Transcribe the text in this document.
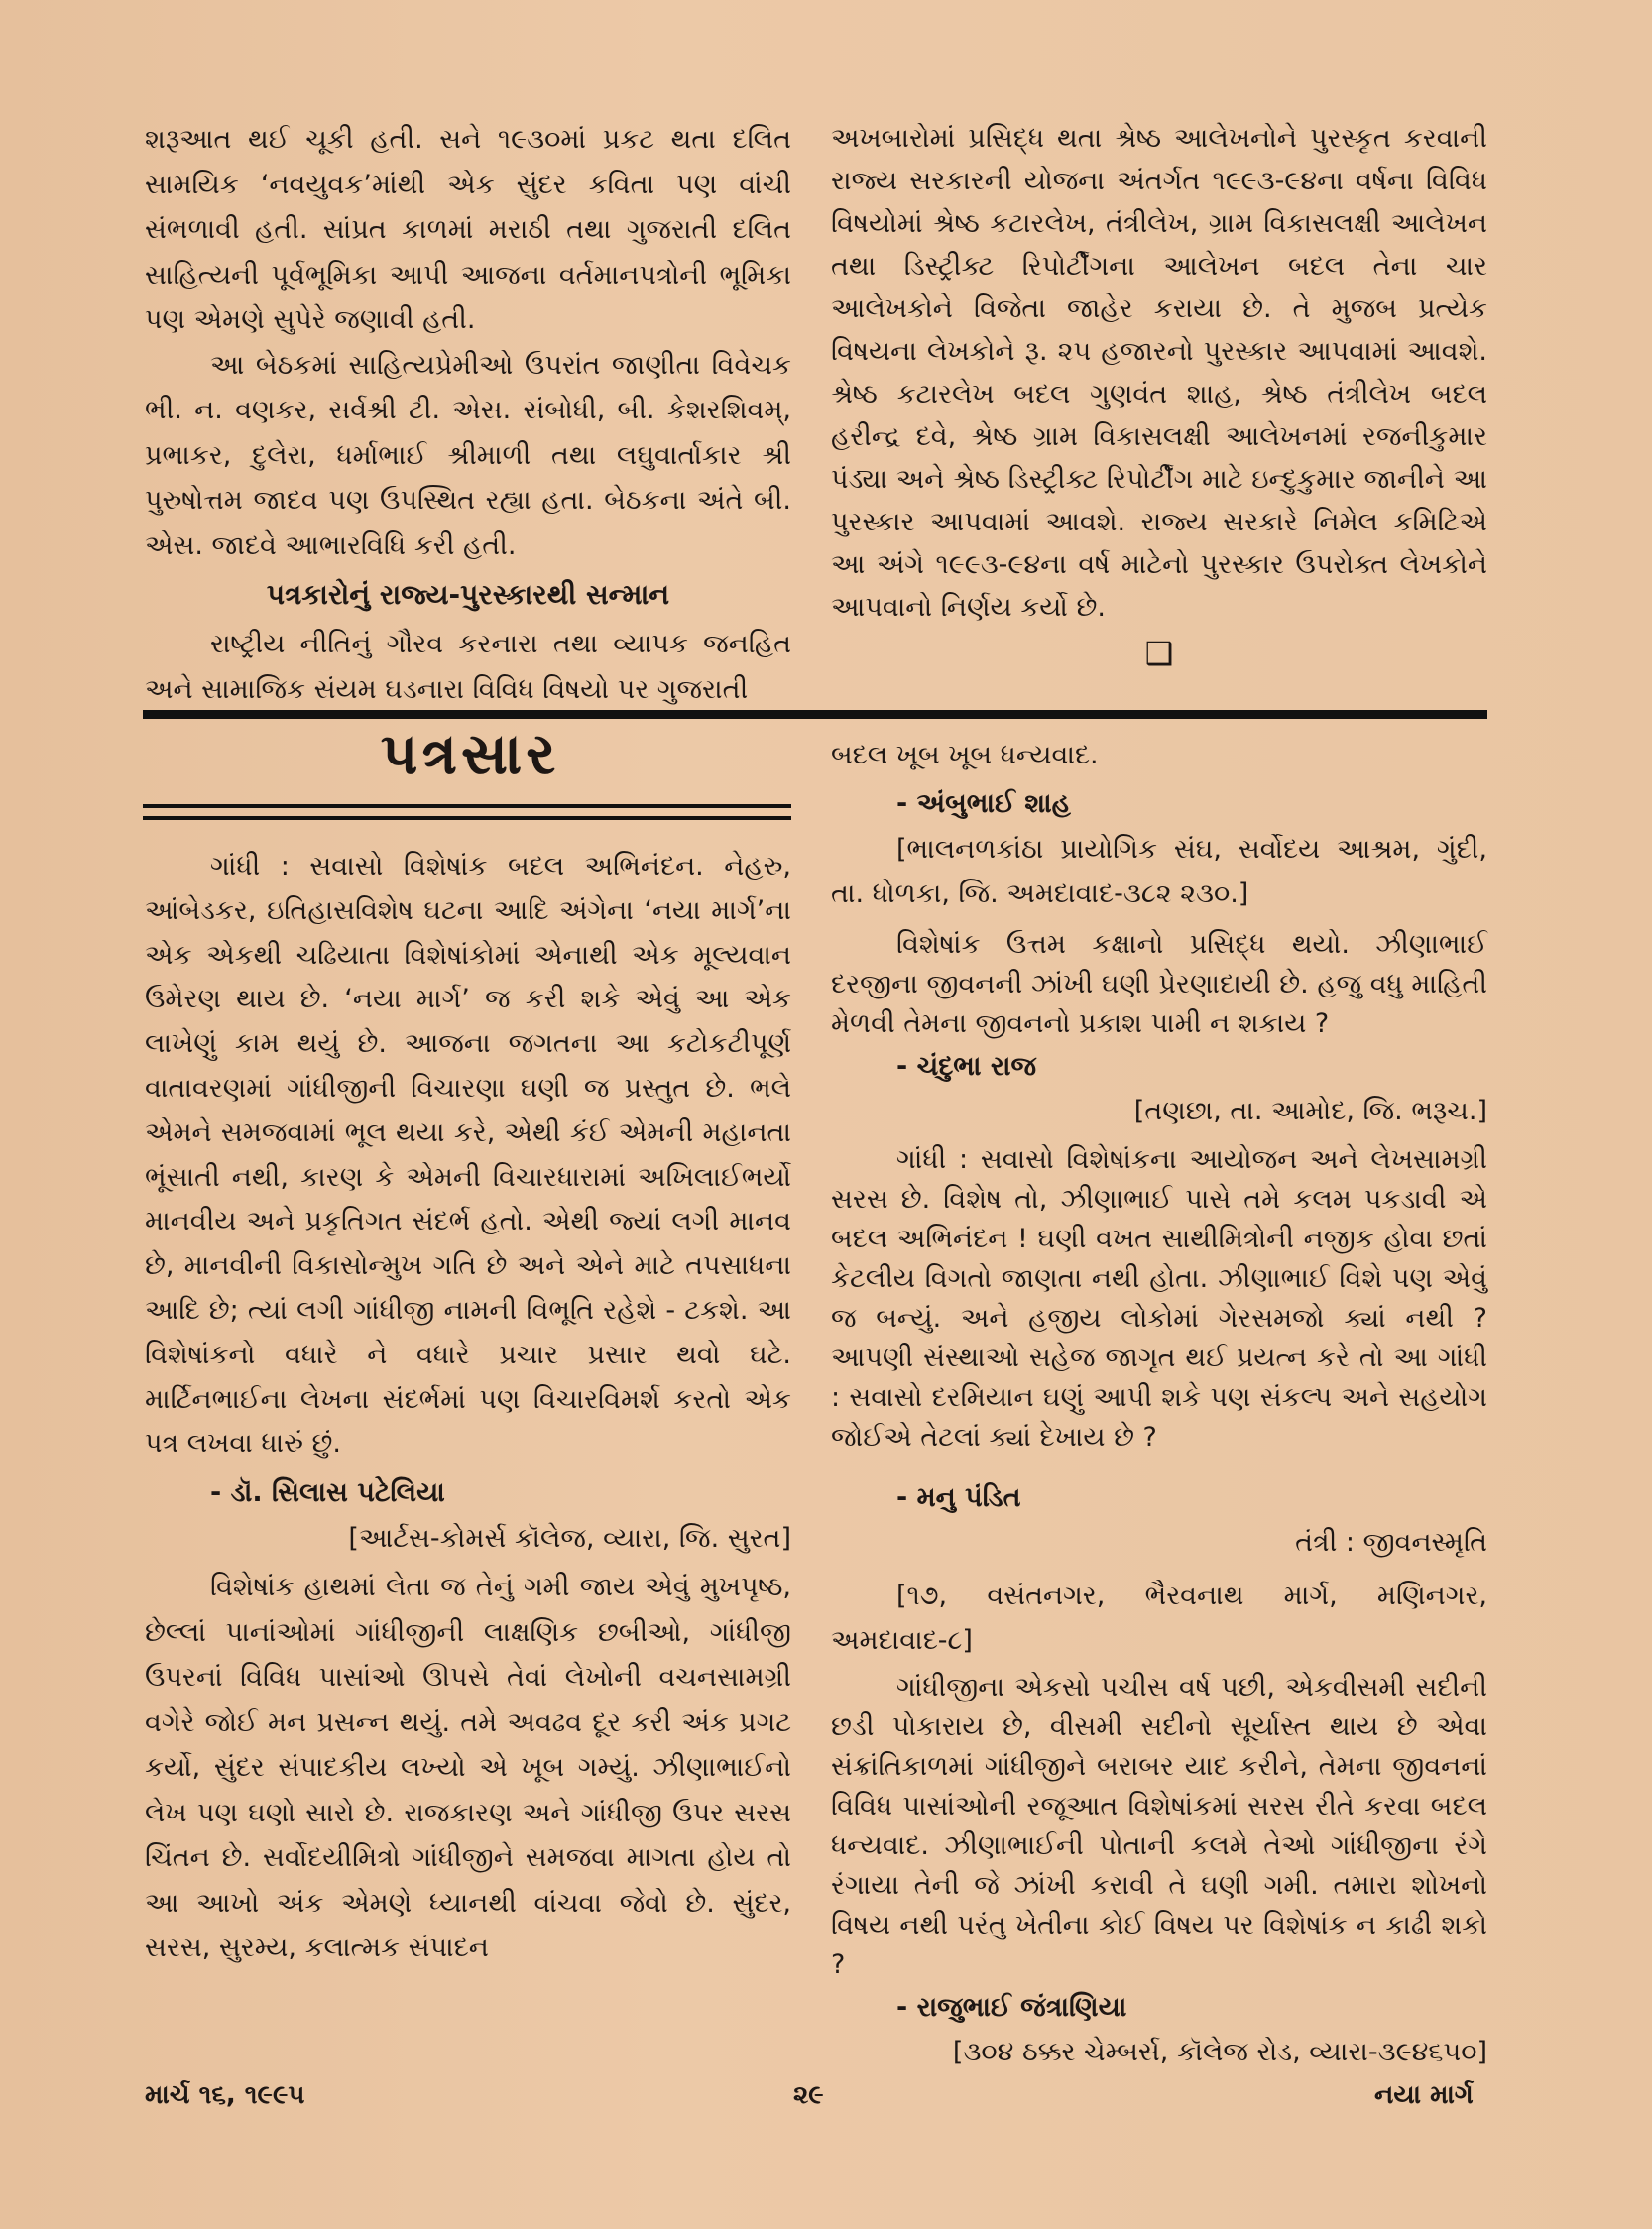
શરૂઆત થઈ ચૂકી હતી. સને ૧૯૩૦માં પ્રકટ થતા દલિત સામયિક ‘નવયુવક’માંથી એક સુંદર કવિતા પણ વાંચી સંભળાવી હતી. સાંપ્રત કાળમાં મરાઠી તથા ગુજરાતી દલિત સાહિત્યની પૂર્વભૂમિકા આપી આજના વર્તમાનપત્રોની ભૂમિકા પણ એમણે સુપેરે જણાવી હતી.

આ બેઠકમાં સાહિત્યપ્રેમીઓ ઉપરાંત જાણીતા વિવેચક ભી. ન. વણકર, સર્વશ્રી ટી. એસ. સંબોધી, બી. કેશરશિવમ્, પ્રભાકર, દુલેરા, ધર્માભાઈ શ્રીમાળી તથા લઘુવાર્તાકાર શ્રી પુરુષોત્તમ જાદવ પણ ઉપસ્થિત રહ્યા હતા. બેઠકના અંતે બી. એસ. જાદવે આભારવિધિ કરી હતી.

પત્રકારોનું રાજ્ય-પુરસ્કારથી સન્માન

રાષ્ટ્રીય નીતિનું ગૌરવ કરનારા તથા વ્યાપક જનહિત અને સામાજિક સંયમ ઘડનારા વિવિધ વિષયો પર ગુજરાતી

અખબારોમાં પ્રસિદ્ધ થતા શ્રેષ્ઠ આલેખનોને પુરસ્કૃત કરવાની રાજ્ય સરકારની યોજના અંતર્ગત ૧૯૯૩-૯૪ના વર્ષના વિવિધ વિષયોમાં શ્રેષ્ઠ કટારલેખ, તંત્રીલેખ, ગ્રામ વિકાસલક્ષી આલેખન તથા ડિસ્ટ્રીક્ટ રિપોર્ટીંગના આલેખન બદલ તેના ચાર આલેખકોને વિજેતા જાહેર કરાયા છે. તે મુજબ પ્રત્યેક વિષયના લેખકોને રૂ. ૨૫ હજારનો પુરસ્કાર આપવામાં આવશે. શ્રેષ્ઠ કટારલેખ બદલ ગુણવંત શાહ, શ્રેષ્ઠ તંત્રીલેખ બદલ હરીન્દ્ર દવે, શ્રેષ્ઠ ગ્રામ વિકાસલક્ષી આલેખનમાં રજનીકુમાર પંડ્યા અને શ્રેષ્ઠ ડિસ્ટ્રીક્ટ રિપોર્ટીંગ માટે ઇન્દુકુમાર જાનીને આ પુરસ્કાર આપવામાં આવશે. રાજ્ય સરકારે નિમેલ કમિટિએ આ અંગે ૧૯૯૩-૯૪ના વર્ષ માટેનો પુરસ્કાર ઉપરોક્ત લેખકોને આપવાનો નિર્ણય કર્યો છે.

❑
પત્રસાર

ગાંધી : સવાસો વિશેષાંક બદલ અભિનંદન. નેહરુ, આંબેડકર, ઇતિહાસવિશેષ ઘટના આદિ અંગેના ‘નયા માર્ગ’ના એક એકથી ચઢિયાતા વિશેષાંકોમાં એનાથી એક મૂલ્યવાન ઉમેરણ થાય છે. ‘નયા માર્ગ’ જ કરી શકે એવું આ એક લાખેણું કામ થયું છે. આજના જગતના આ કટોકટીપૂર્ણ વાતાવરણમાં ગાંધીજીની વિચારણા ઘણી જ પ્રસ્તુત છે. ભલે એમને સમજવામાં ભૂલ થયા કરે, એથી કંઈ એમની મહાનતા ભૂંસાતી નથી, કારણ કે એમની વિચારધારામાં અખિલાઈભર્યો માનવીય અને પ્રકૃતિગત સંદર્ભ હતો. એથી જ્યાં લગી માનવ છે, માનવીની વિકાસોન્મુખ ગતિ છે અને એને માટે તપસાધના આદિ છે; ત્યાં લગી ગાંધીજી નામની વિભૂતિ રહેશે - ટકશે. આ વિશેષાંકનો વધારે ને વધારે પ્રચાર પ્રસાર થવો ઘટે. માર્ટિનભાઈના લેખના સંદર્ભમાં પણ વિચારવિમર્શ કરતો એક પત્ર લખવા ધારું છું.

- ડૉ. સિલાસ પટેલિયા

[આર્ટસ-કોમર્સ કૉલેજ, વ્યારા, જિ. સુરત]

વિશેષાંક હાથમાં લેતા જ તેનું ગમી જાય એવું મુખપૃષ્ઠ, છેલ્લાં પાનાંઓમાં ગાંધીજીની લાક્ષણિક છબીઓ, ગાંધીજી ઉપરનાં વિવિધ પાસાંઓ ઊપસે તેવાં લેખોની વચનસામગ્રી વગેરે જોઈ મન પ્રસન્ન થયું. તમે અવઢવ દૂર કરી અંક પ્રગટ કર્યો, સુંદર સંપાદકીય લખ્યો એ ખૂબ ગમ્યું. ઝીણાભાઈનો લેખ પણ ઘણો સારો છે. રાજકારણ અને ગાંધીજી ઉપર સરસ ચિંતન છે. સર્વોદયીમિત્રો ગાંધીજીને સમજવા માગતા હોય તો આ આખો અંક એમણે ધ્યાનથી વાંચવા જેવો છે. સુંદર, સરસ, સુરમ્ય, કલાત્મક સંપાદન

બદલ ખૂબ ખૂબ ધન્યવાદ.

- અંબુભાઈ શાહ

[ભાલનળકાંઠા પ્રાયોગિક સંઘ, સર્વોદય આશ્રમ, ગુંદી, તા. ધોળકા, જિ. અમદાવાદ-૩૮૨ ૨૩૦.]

વિશેષાંક ઉત્તમ કક્ષાનો પ્રસિદ્ધ થયો. ઝીણાભાઈ દરજીના જીવનની ઝાંખી ઘણી પ્રેરણાદાયી છે. હજુ વધુ માહિતી મેળવી તેમના જીવનનો પ્રકાશ પામી ન શકાય ?

- ચંદુભા રાજ

[તણછા, તા. આમોદ, જિ. ભરૂચ.]

ગાંધી : સવાસો વિશેષાંકના આયોજન અને લેખસામગ્રી સરસ છે. વિશેષ તો, ઝીણાભાઈ પાસે તમે કલમ પકડાવી એ બદલ અભિનંદન ! ઘણી વખત સાથીમિત્રોની નજીક હોવા છતાં કેટલીય વિગતો જાણતા નથી હોતા. ઝીણાભાઈ વિશે પણ એવું જ બન્યું. અને હજીય લોકોમાં ગેરસમજો ક્યાં નથી ? આપણી સંસ્થાઓ સહેજ જાગૃત થઈ પ્રયત્ન કરે તો આ ગાંધી : સવાસો દરમિયાન ઘણું આપી શકે પણ સંકલ્પ અને સહયોગ જોઈએ તેટલાં ક્યાં દેખાય છે ?

- મનુ પંડિત

તંત્રી : જીવનસ્મૃતિ

[૧૭, વસંતનગર, ભૈરવનાથ માર્ગ, મણિનગર, અમદાવાદ-૮]

ગાંધીજીના એકસો પચીસ વર્ષ પછી, એકવીસમી સદીની છડી પોકારાય છે, વીસમી સદીનો સૂર્યાસ્ત થાય છે એવા સંક્રાંતિકાળમાં ગાંધીજીને બરાબર યાદ કરીને, તેમના જીવનનાં વિવિધ પાસાંઓની રજૂઆત વિશેષાંકમાં સરસ રીતે કરવા બદલ ધન્યવાદ. ઝીણાભાઈની પોતાની કલમે તેઓ ગાંધીજીના રંગે રંગાયા તેની જે ઝાંખી કરાવી તે ઘણી ગમી. તમારા શોખનો વિષય નથી પરંતુ ખેતીના કોઈ વિષય પર વિશેષાંક ન કાઢી શકો ?

- રાજુભાઈ જંત્રાણિયા

[૩૦૪ ઠક્કર ચેમ્બર્સ, કૉલેજ રોડ, વ્યારા-૩૯૪૬૫૦]

માર્ચ ૧૬, ૧૯૯૫	૨૯	નયા માર્ગ
